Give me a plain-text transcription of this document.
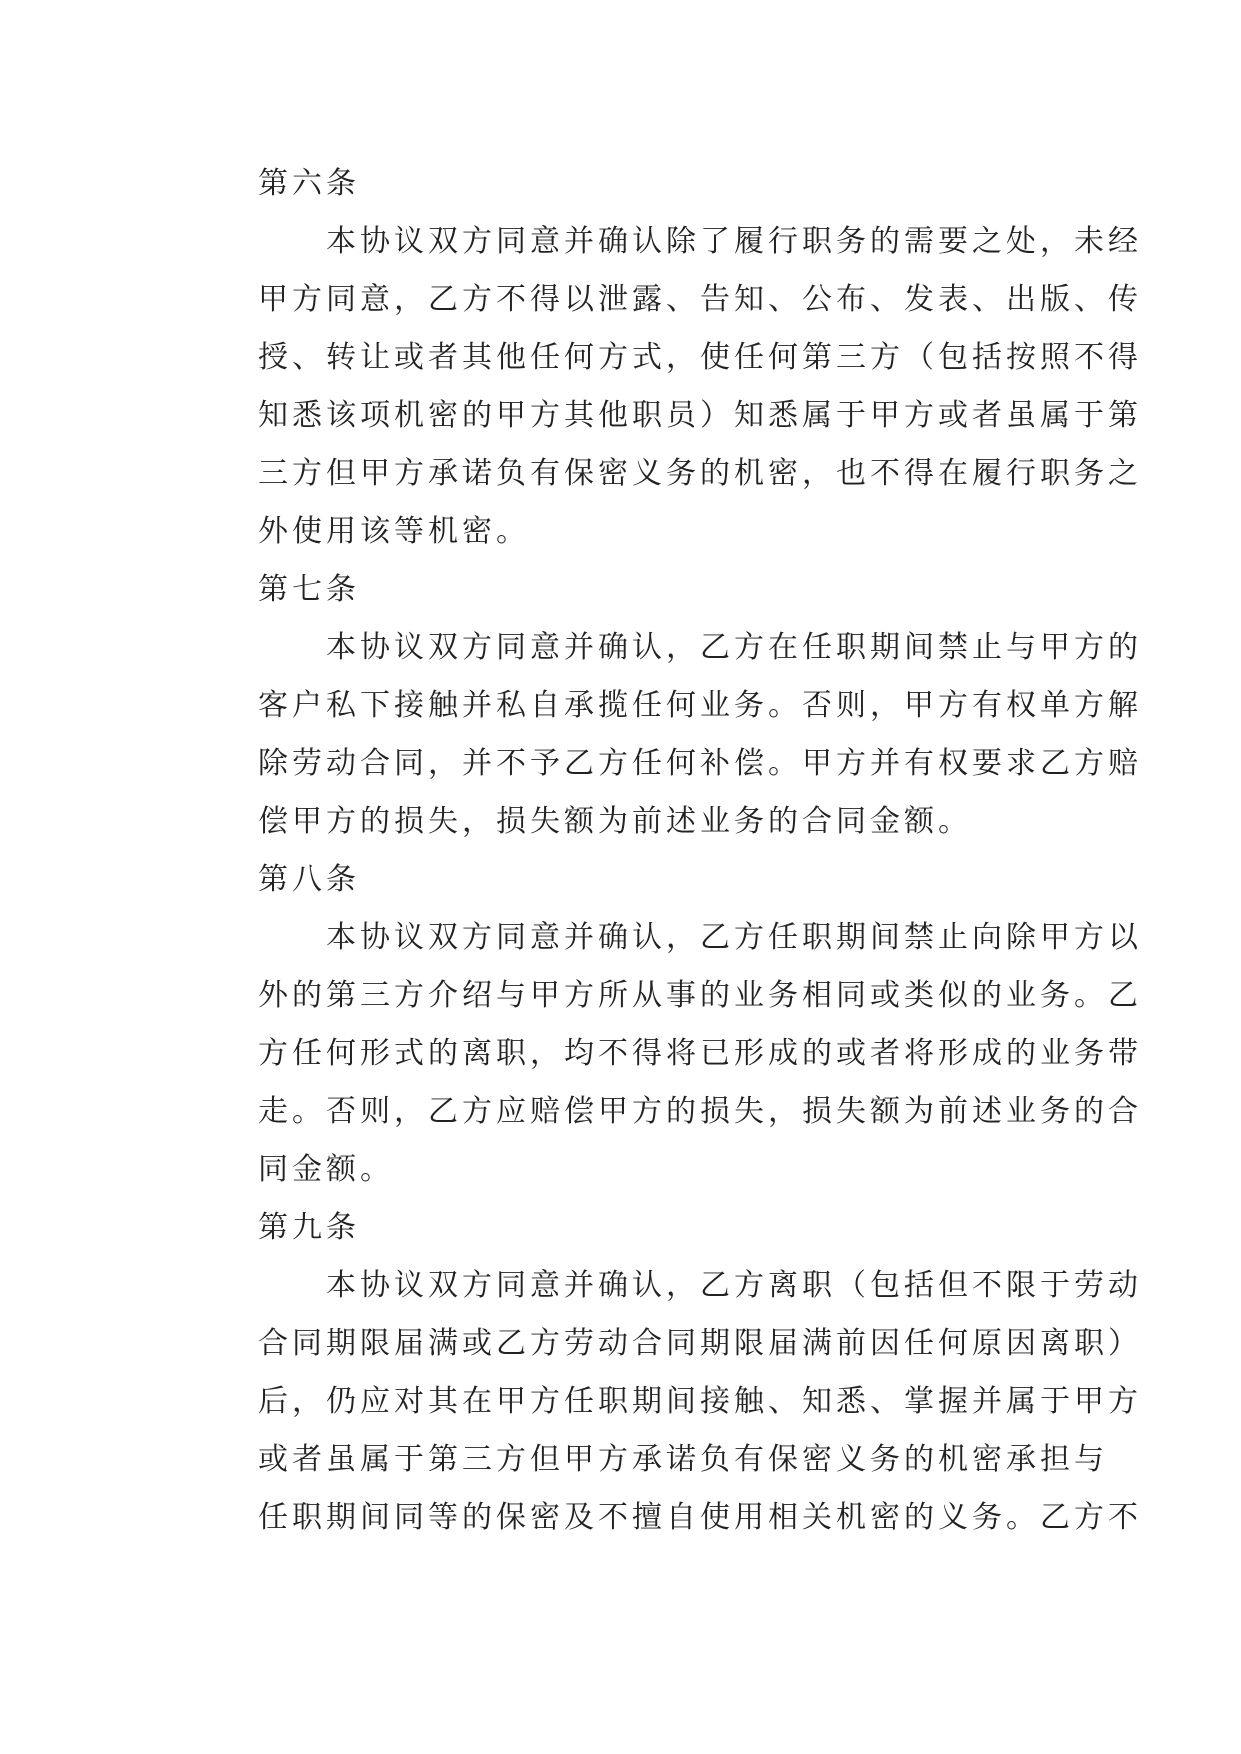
第六条
本协议双方同意并确认除了履行职务的需要之处，未经
甲方同意，乙方不得以泄露、告知、公布、发表、出版、传
授、转让或者其他任何方式，使任何第三方（包括按照不得
知悉该项机密的甲方其他职员）知悉属于甲方或者虽属于第
三方但甲方承诺负有保密义务的机密，也不得在履行职务之
外使用该等机密。
第七条
本协议双方同意并确认，乙方在任职期间禁止与甲方的
客户私下接触并私自承揽任何业务。否则，甲方有权单方解
除劳动合同，并不予乙方任何补偿。甲方并有权要求乙方赔
偿甲方的损失，损失额为前述业务的合同金额。
第八条
本协议双方同意并确认，乙方任职期间禁止向除甲方以
外的第三方介绍与甲方所从事的业务相同或类似的业务。乙
方任何形式的离职，均不得将已形成的或者将形成的业务带
走。否则，乙方应赔偿甲方的损失，损失额为前述业务的合
同金额。
第九条
本协议双方同意并确认，乙方离职（包括但不限于劳动
合同期限届满或乙方劳动合同期限届满前因任何原因离职）
后，仍应对其在甲方任职期间接触、知悉、掌握并属于甲方
或者虽属于第三方但甲方承诺负有保密义务的机密承担与
任职期间同等的保密及不擅自使用相关机密的义务。乙方不
